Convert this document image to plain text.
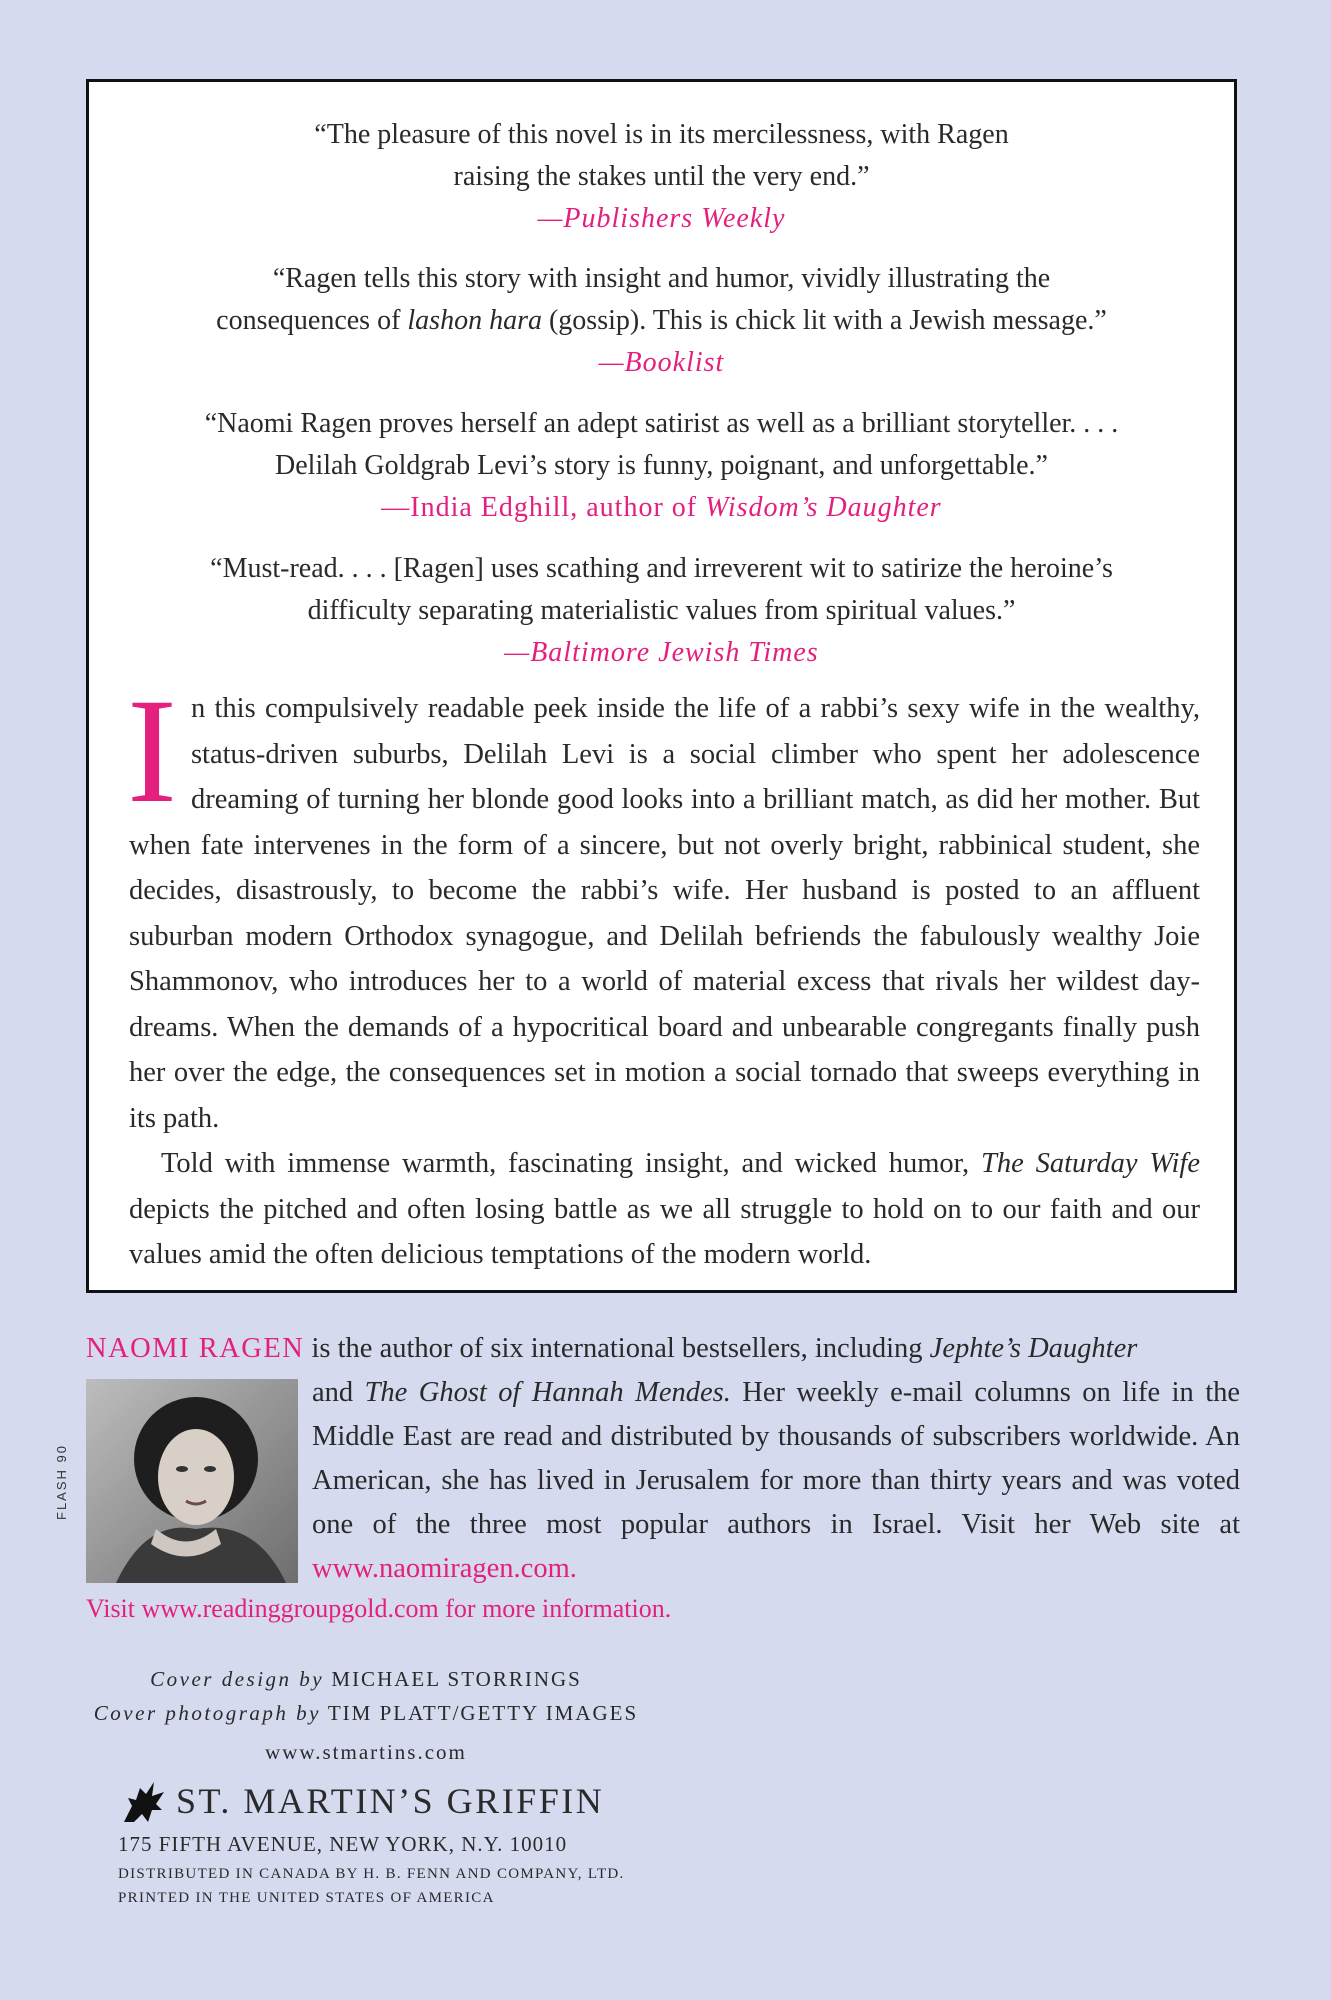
“The pleasure of this novel is in its mercilessness, with Ragen
raising the stakes until the very end.”
—Publishers Weekly
“Ragen tells this story with insight and humor, vividly illustrating the
consequences of lashon hara (gossip). This is chick lit with a Jewish message.”
—Booklist
“Naomi Ragen proves herself an adept satirist as well as a brilliant storyteller. . . .
Delilah Goldgrab Levi’s story is funny, poignant, and unforgettable.”
—India Edghill, author of Wisdom’s Daughter
“Must-read. . . . [Ragen] uses scathing and irreverent wit to satirize the heroine’s
difficulty separating materialistic values from spiritual values.”
—Baltimore Jewish Times

In this compulsively readable peek inside the life of a rabbi’s sexy wife in the wealthy, status-driven suburbs, Delilah Levi is a social climber who spent her adolescence dreaming of turning her blonde good looks into a brilliant match, as did her mother. But when fate intervenes in the form of a sincere, but not overly bright, rabbinical student, she decides, disastrously, to become the rabbi’s wife. Her husband is posted to an affluent suburban modern Orthodox synagogue, and Delilah befriends the fabulously wealthy Joie Shammonov, who introduces her to a world of material excess that rivals her wildest day-dreams. When the demands of a hypocritical board and unbearable congregants finally push her over the edge, the consequences set in motion a social tornado that sweeps everything in its path.

Told with immense warmth, fascinating insight, and wicked humor, The Saturday Wife depicts the pitched and often losing battle as we all struggle to hold on to our faith and our values amid the often delicious temptations of the modern world.

NAOMI RAGEN is the author of six international bestsellers, including Jephte’s Daughter
FLASH 90
and The Ghost of Hannah Mendes. Her weekly e-mail columns on life in the Middle East are read and distributed by thousands of subscribers worldwide. An American, she has lived in Jerusalem for more than thirty years and was voted one of the three most popular authors in Israel. Visit her Web site at www.naomiragen.com.
Visit www.readinggroupgold.com for more information.
Cover design by MICHAEL STORRINGS
Cover photograph by TIM PLATT/GETTY IMAGES
www.stmartins.com
ST. MARTIN’S GRIFFIN
175 FIFTH AVENUE, NEW YORK, N.Y. 10010
DISTRIBUTED IN CANADA BY H. B. FENN AND COMPANY, LTD.
PRINTED IN THE UNITED STATES OF AMERICA
